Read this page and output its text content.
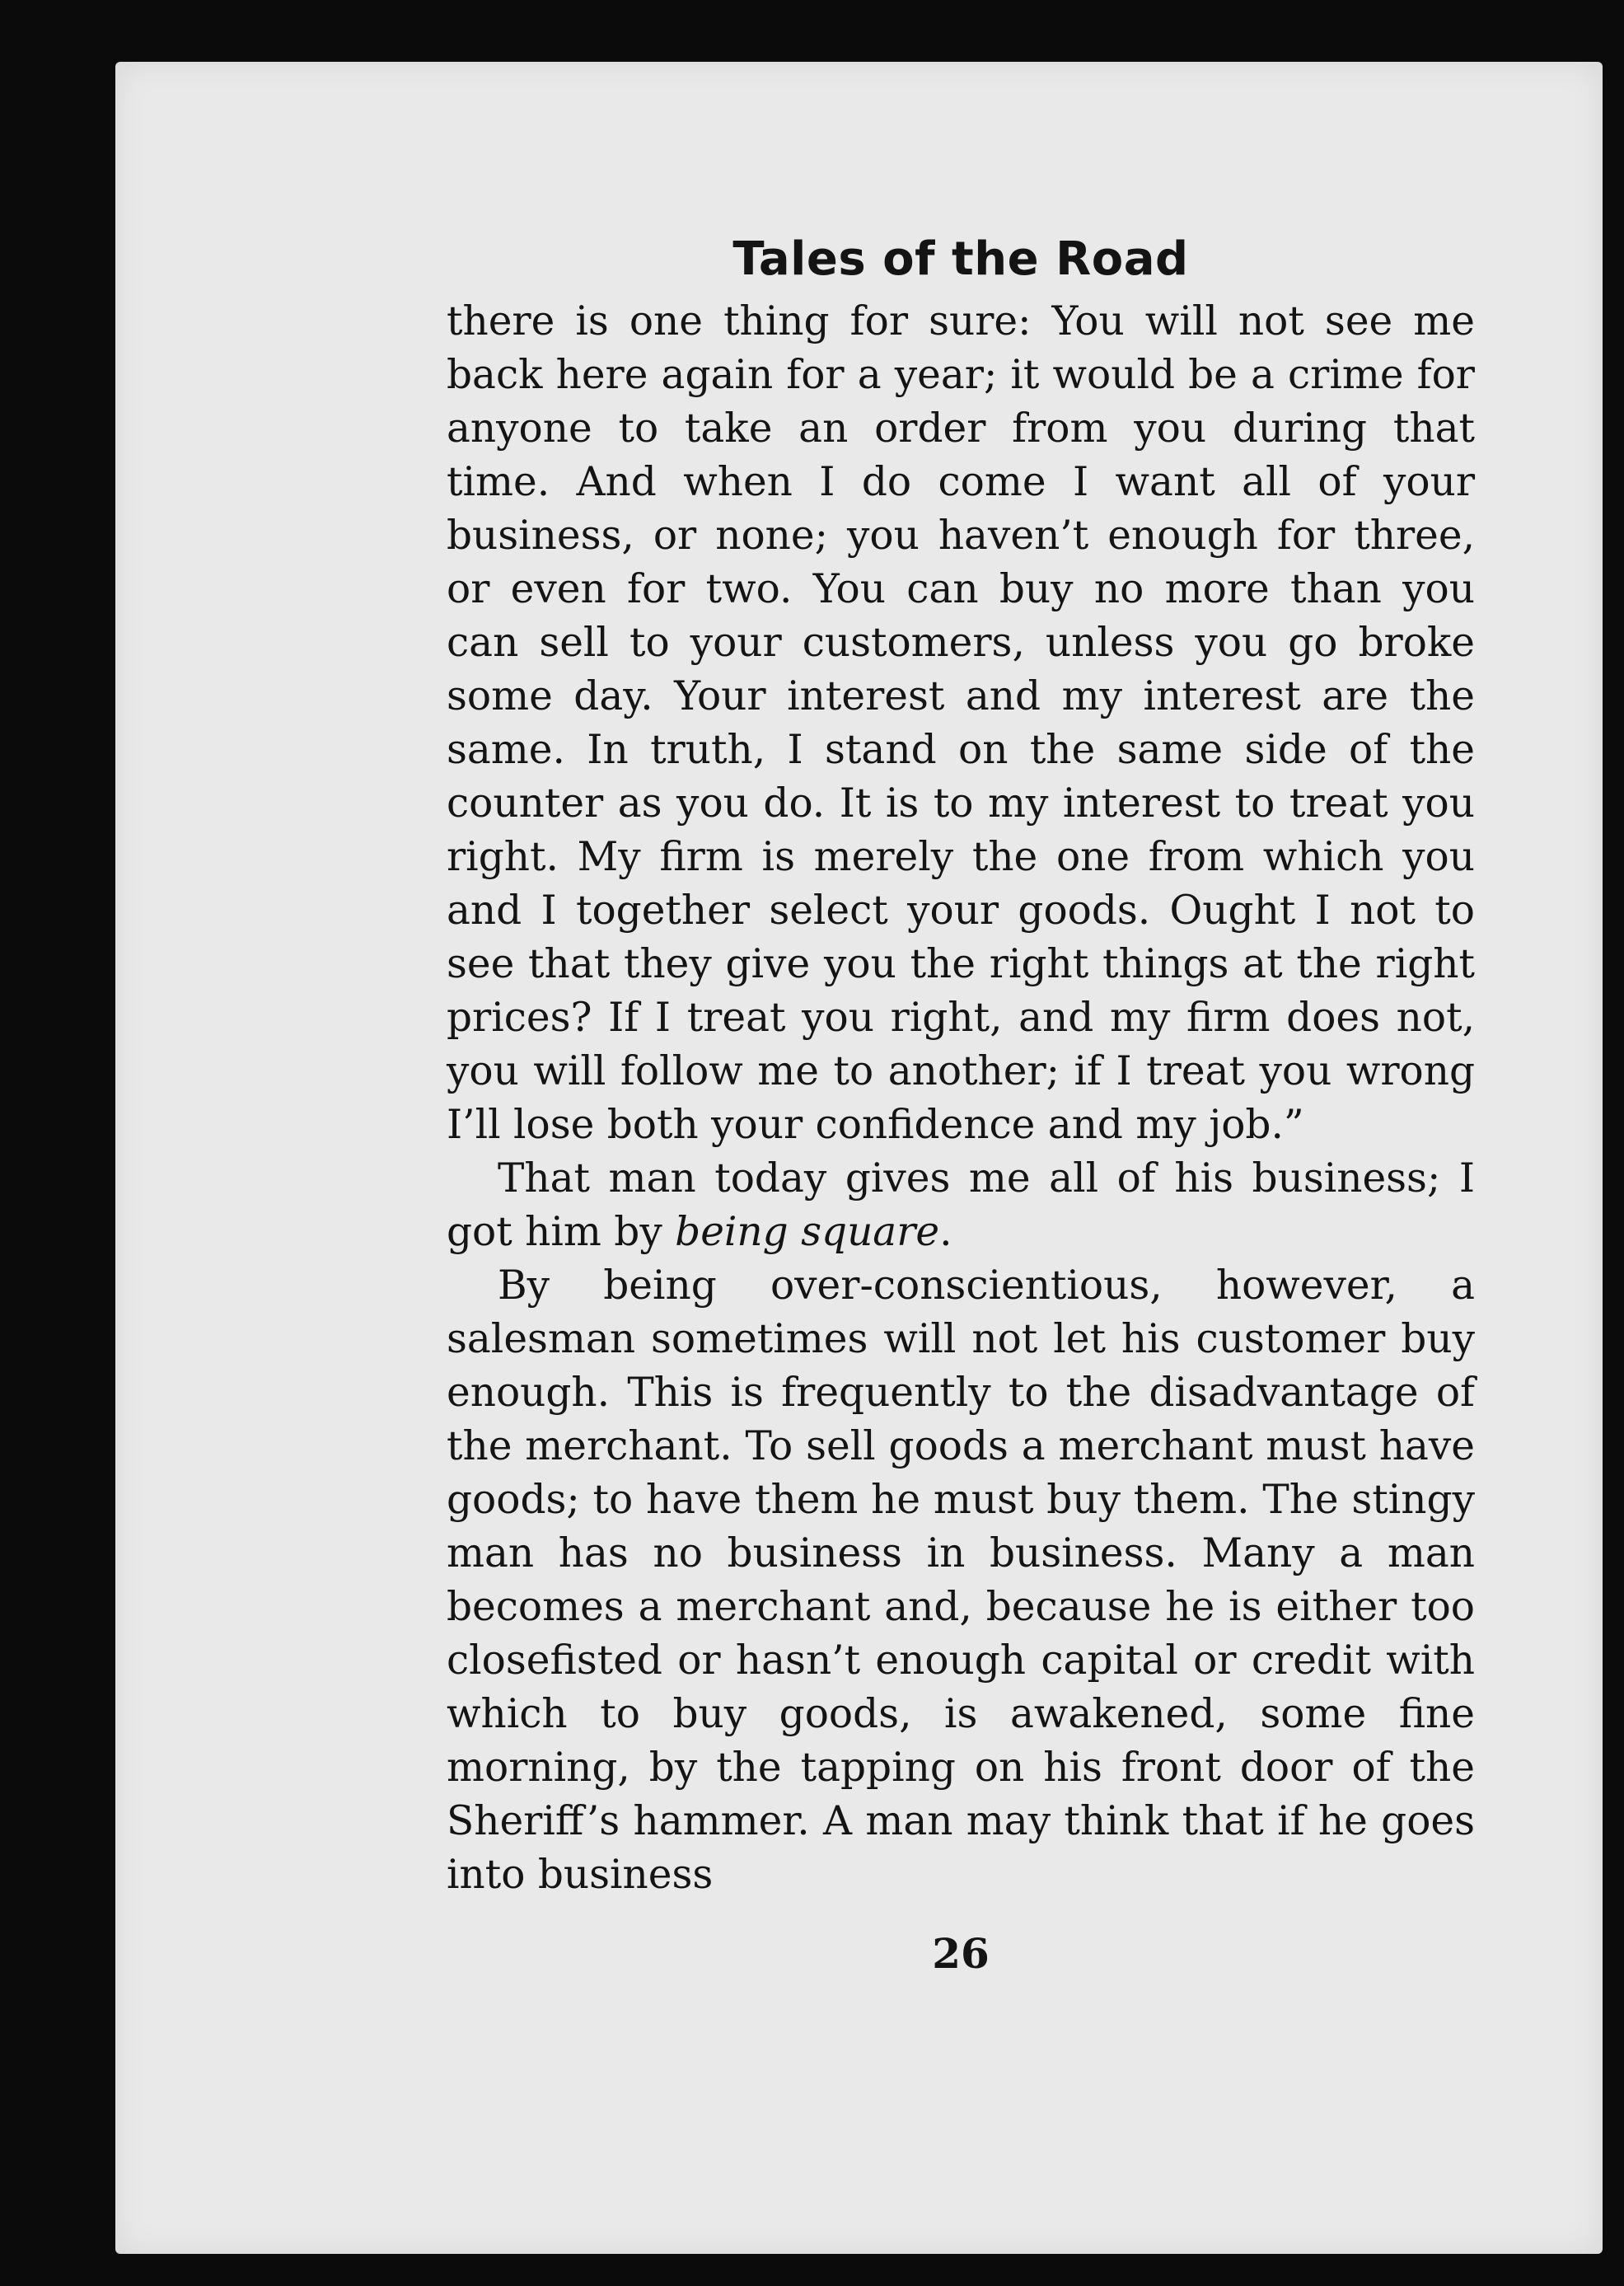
Tales of the Road

there is one thing for sure: You will not see me back here again for a year; it would be a crime for anyone to take an order from you during that time. And when I do come I want all of your business, or none; you haven’t enough for three, or even for two. You can buy no more than you can sell to your customers, unless you go broke some day. Your interest and my interest are the same. In truth, I stand on the same side of the counter as you do. It is to my interest to treat you right. My firm is merely the one from which you and I together select your goods. Ought I not to see that they give you the right things at the right prices? If I treat you right, and my firm does not, you will follow me to another; if I treat you wrong I’ll lose both your confidence and my job.”

That man today gives me all of his business; I got him by being square.

By being over-conscientious, however, a salesman sometimes will not let his customer buy enough. This is frequently to the disadvantage of the merchant. To sell goods a merchant must have goods; to have them he must buy them. The stingy man has no business in business. Many a man becomes a merchant and, because he is either too closefisted or hasn’t enough capital or credit with which to buy goods, is awakened, some fine morning, by the tapping on his front door of the Sheriff’s hammer. A man may think that if he goes into business

26
